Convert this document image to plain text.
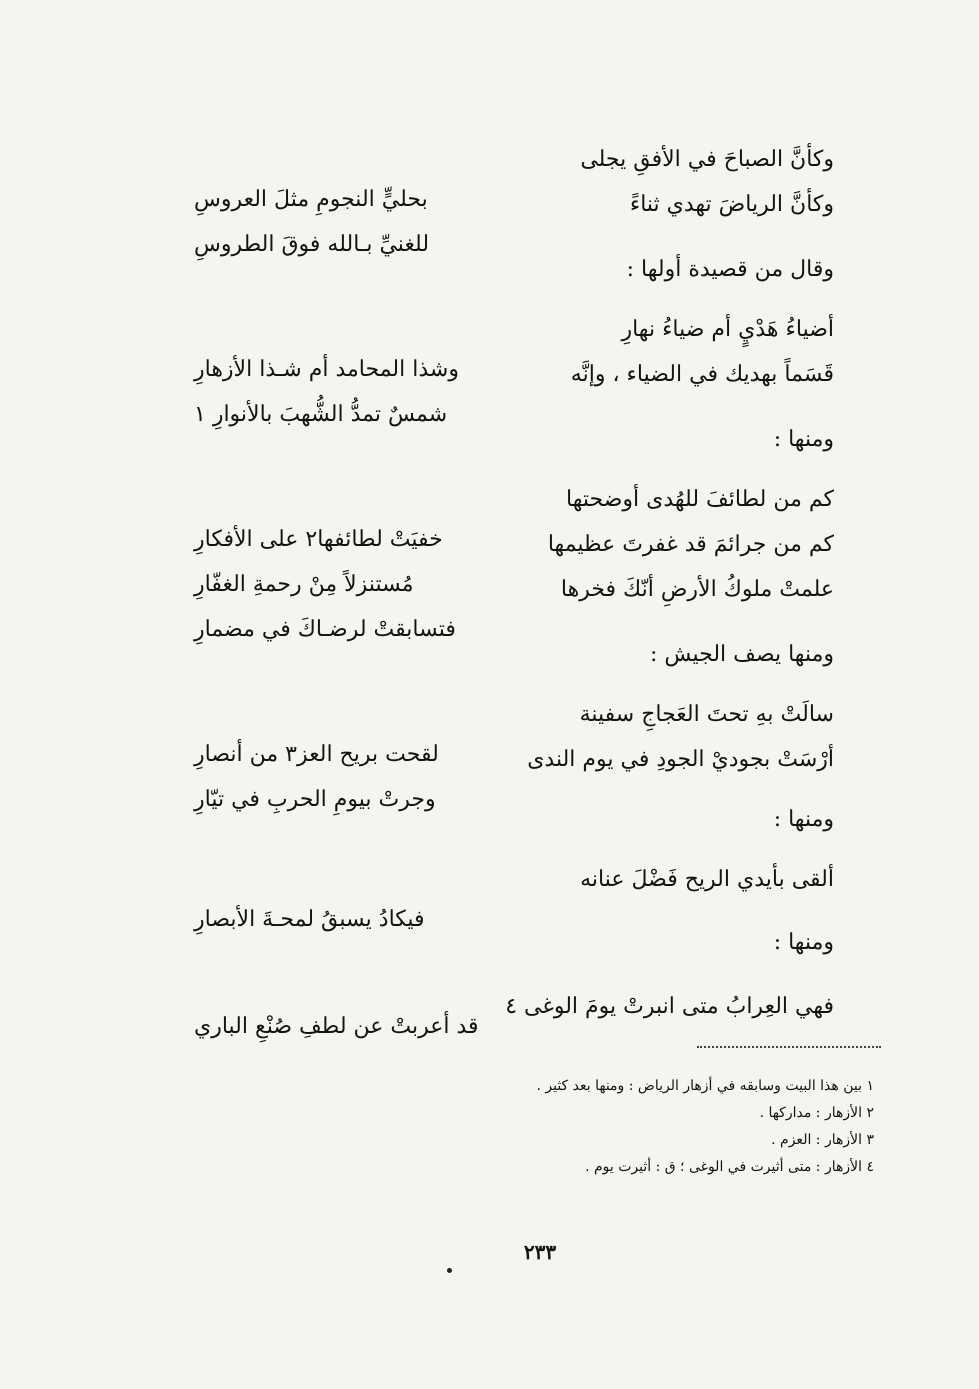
وكأنَّ الصباحَ في الأفقِ يجلى
بحليٍّ النجومِ مثلَ العروسِ	وكأنَّ الرياضَ تهدي ثناءً
للغنيِّ بـالله فوقَ الطروسِ
وقال من قصيدة أولها :
أضياءُ هَدْيٍ أم ضياءُ نهارِ
وشذا المحامد أم شـذا الأزهارِ	قَسَماً بهديك في الضياء ، وإنَّه
شمسٌ تمدُّ الشُّهبَ بالأنوارِ ١
ومنها :
كم من لطائفَ للهُدى أوضحتها
خفيَتْ لطائفها٢ على الأفكارِ	كم من جرائمَ قد غفرتَ عظيمها
مُستنزلاً مِنْ رحمةِ الغفّارِ	علمتْ ملوكُ الأرضِ أنّكَ فخرها
فتسابقتْ لرضـاكَ في مضمارِ
ومنها يصف الجيش :
سالَتْ بهِ تحتَ العَجاجِ سفينة
لقحت بريح العز٣ من أنصارِ	أرْسَتْ بجوديْ الجودِ في يوم الندى
وجرتْ بيومِ الحربِ في تيّارِ
ومنها :
ألقى بأيدي الريح فَضْلَ عنانه
فيكادُ يسبقُ لمحـةَ الأبصارِ
ومنها :
فهي العِرابُ متى انبرتْ يومَ الوغى ٤
قد أعربتْ عن لطفِ صُنْعِ الباري
١ بين هذا البيت وسابقه في أزهار الرياض : ومنها بعد كثير .
٢ الأزهار : مداركها .
٣ الأزهار : العزم .
٤ الأزهار : متى أثيرت في الوغى ؛ ق : أثيرت يوم .
٢٣٣
